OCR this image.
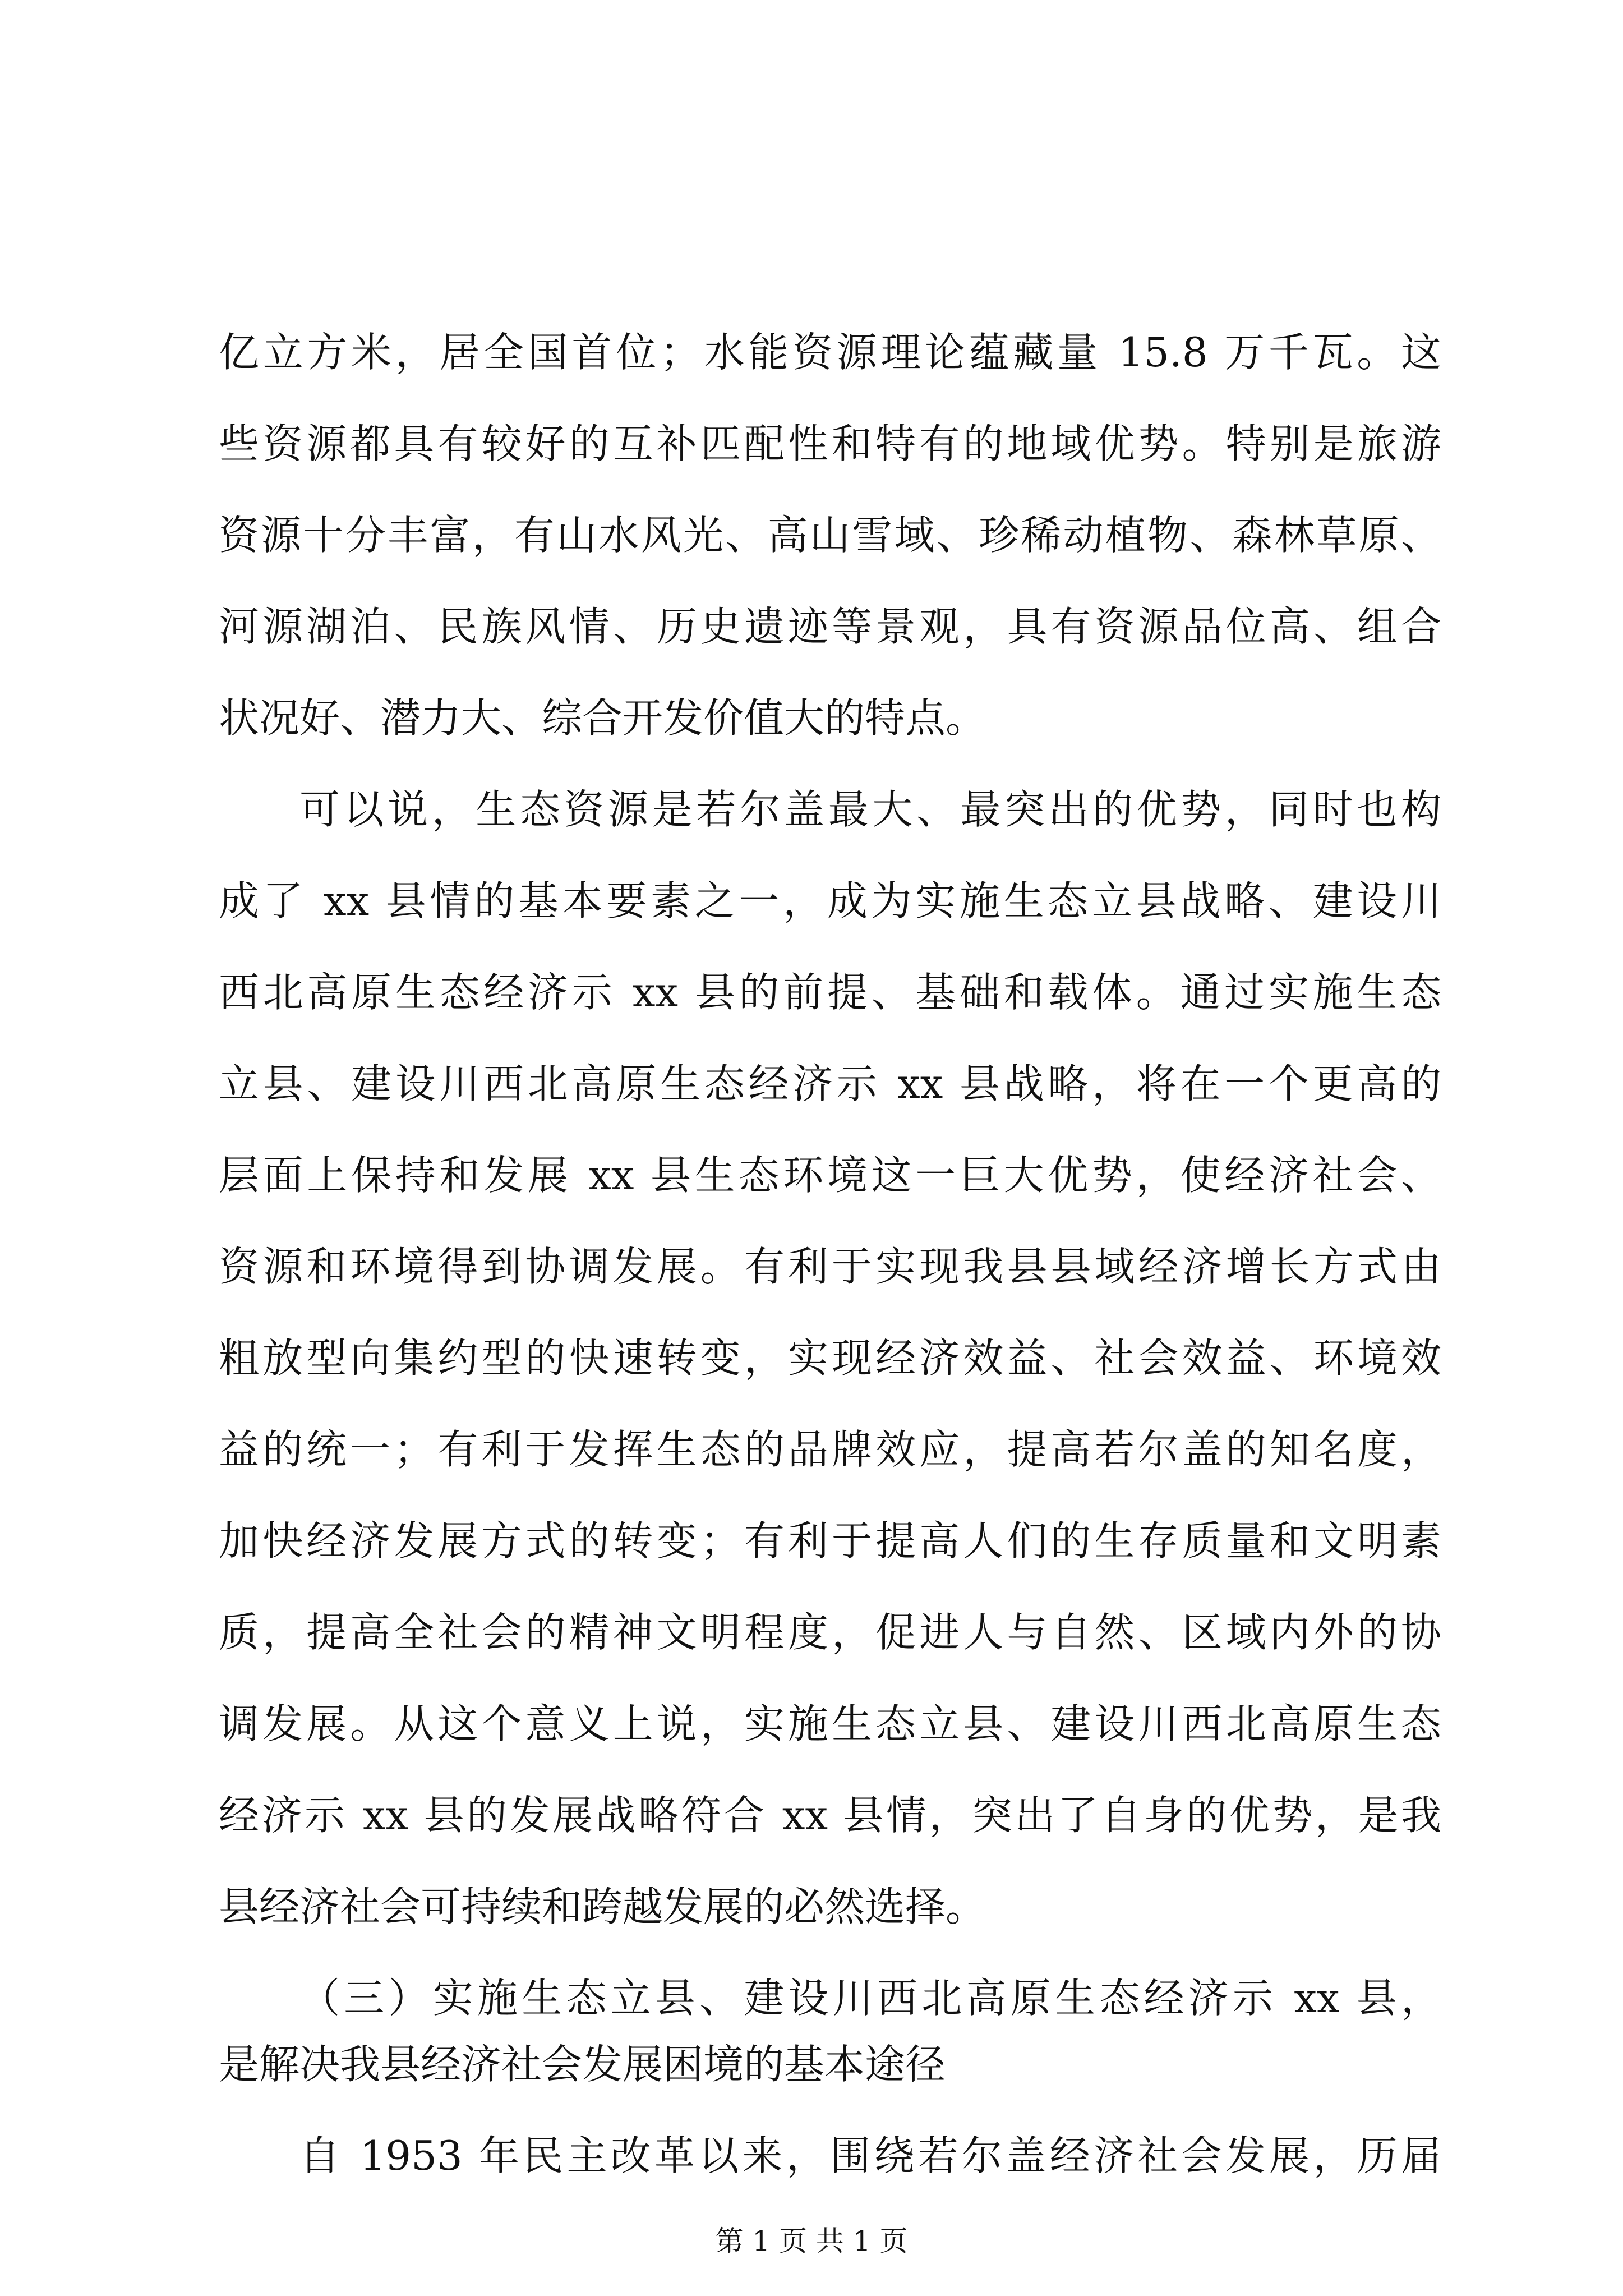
亿立方米，居全国首位；水能资源理论蕴藏量 15.8 万千瓦。这
些资源都具有较好的互补匹配性和特有的地域优势。特别是旅游
资源十分丰富，有山水风光、高山雪域、珍稀动植物、森林草原、
河源湖泊、民族风情、历史遗迹等景观，具有资源品位高、组合
状况好、潜力大、综合开发价值大的特点。
可以说，生态资源是若尔盖最大、最突出的优势，同时也构
成了 xx 县情的基本要素之一，成为实施生态立县战略、建设川
西北高原生态经济示 xx 县的前提、基础和载体。通过实施生态
立县、建设川西北高原生态经济示 xx 县战略，将在一个更高的
层面上保持和发展 xx 县生态环境这一巨大优势，使经济社会、
资源和环境得到协调发展。有利于实现我县县域经济增长方式由
粗放型向集约型的快速转变，实现经济效益、社会效益、环境效
益的统一；有利于发挥生态的品牌效应，提高若尔盖的知名度，
加快经济发展方式的转变；有利于提高人们的生存质量和文明素
质，提高全社会的精神文明程度，促进人与自然、区域内外的协
调发展。从这个意义上说，实施生态立县、建设川西北高原生态
经济示 xx 县的发展战略符合 xx 县情，突出了自身的优势，是我
县经济社会可持续和跨越发展的必然选择。
（三）实施生态立县、建设川西北高原生态经济示 xx 县，
是解决我县经济社会发展困境的基本途径
自 1953 年民主改革以来，围绕若尔盖经济社会发展，历届
第 1 页 共 1 页
